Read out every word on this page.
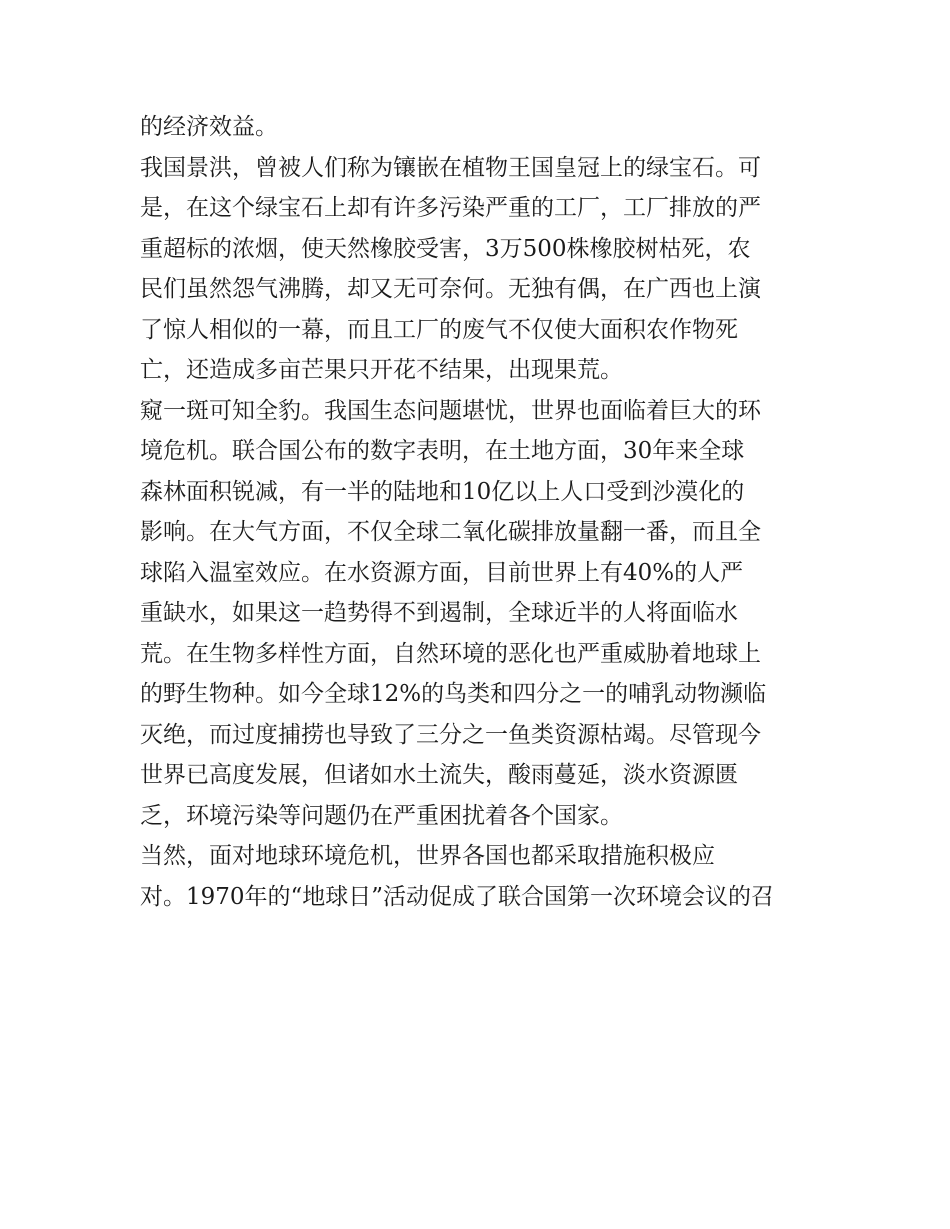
的经济效益。
我国景洪，曾被人们称为镶嵌在植物王国皇冠上的绿宝石。可
是，在这个绿宝石上却有许多污染严重的工厂，工厂排放的严
重超标的浓烟，使天然橡胶受害，3万500株橡胶树枯死，农
民们虽然怨气沸腾，却又无可奈何。无独有偶，在广西也上演
了惊人相似的一幕，而且工厂的废气不仅使大面积农作物死
亡，还造成多亩芒果只开花不结果，出现果荒。
窥一斑可知全豹。我国生态问题堪忧，世界也面临着巨大的环
境危机。联合国公布的数字表明，在土地方面，30年来全球
森林面积锐减，有一半的陆地和10亿以上人口受到沙漠化的
影响。在大气方面，不仅全球二氧化碳排放量翻一番，而且全
球陷入温室效应。在水资源方面，目前世界上有40%的人严
重缺水，如果这一趋势得不到遏制，全球近半的人将面临水
荒。在生物多样性方面，自然环境的恶化也严重威胁着地球上
的野生物种。如今全球12%的鸟类和四分之一的哺乳动物濒临
灭绝，而过度捕捞也导致了三分之一鱼类资源枯竭。尽管现今
世界已高度发展，但诸如水土流失，酸雨蔓延，淡水资源匮
乏，环境污染等问题仍在严重困扰着各个国家。
当然，面对地球环境危机，世界各国也都采取措施积极应
对。1970年的“地球日”活动促成了联合国第一次环境会议的召
